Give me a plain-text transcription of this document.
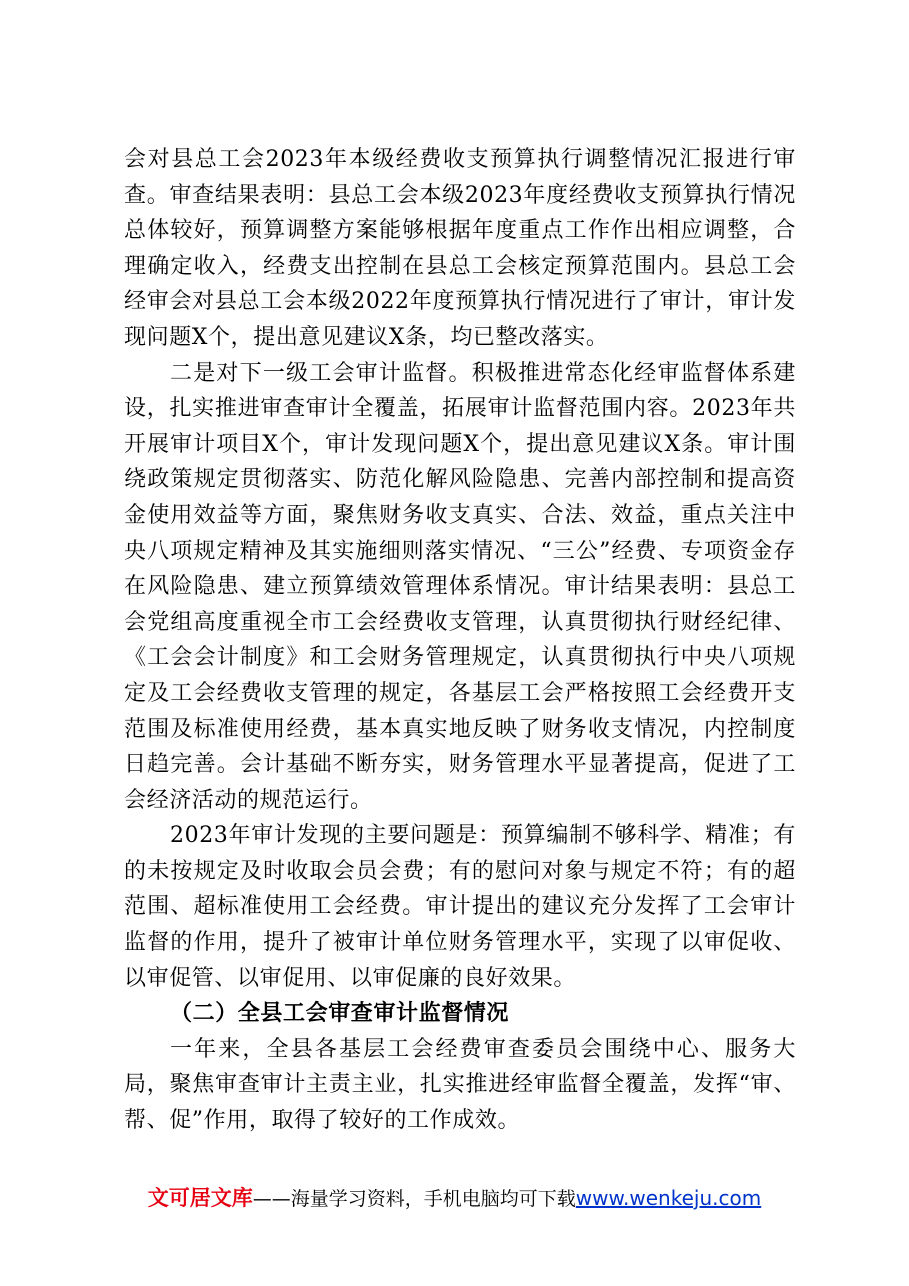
会对县总工会2023年本级经费收支预算执行调整情况汇报进行审查。审查结果表明：县总工会本级2023年度经费收支预算执行情况总体较好，预算调整方案能够根据年度重点工作作出相应调整，合理确定收入，经费支出控制在县总工会核定预算范围内。县总工会经审会对县总工会本级2022年度预算执行情况进行了审计，审计发现问题X个，提出意见建议X条，均已整改落实。

二是对下一级工会审计监督。积极推进常态化经审监督体系建设，扎实推进审查审计全覆盖，拓展审计监督范围内容。2023年共开展审计项目X个，审计发现问题X个，提出意见建议X条。审计围绕政策规定贯彻落实、防范化解风险隐患、完善内部控制和提高资金使用效益等方面，聚焦财务收支真实、合法、效益，重点关注中央八项规定精神及其实施细则落实情况、“三公”经费、专项资金存在风险隐患、建立预算绩效管理体系情况。审计结果表明：县总工会党组高度重视全市工会经费收支管理，认真贯彻执行财经纪律、《工会会计制度》和工会财务管理规定，认真贯彻执行中央八项规定及工会经费收支管理的规定，各基层工会严格按照工会经费开支范围及标准使用经费，基本真实地反映了财务收支情况，内控制度日趋完善。会计基础不断夯实，财务管理水平显著提高，促进了工会经济活动的规范运行。

2023年审计发现的主要问题是：预算编制不够科学、精准；有的未按规定及时收取会员会费；有的慰问对象与规定不符；有的超范围、超标准使用工会经费。审计提出的建议充分发挥了工会审计监督的作用，提升了被审计单位财务管理水平，实现了以审促收、以审促管、以审促用、以审促廉的良好效果。

（二）全县工会审查审计监督情况

一年来，全县各基层工会经费审查委员会围绕中心、服务大局，聚焦审查审计主责主业，扎实推进经审监督全覆盖，发挥“审、帮、促”作用，取得了较好的工作成效。

文可居文库——海量学习资料，手机电脑均可下载www.wenkeju.com
